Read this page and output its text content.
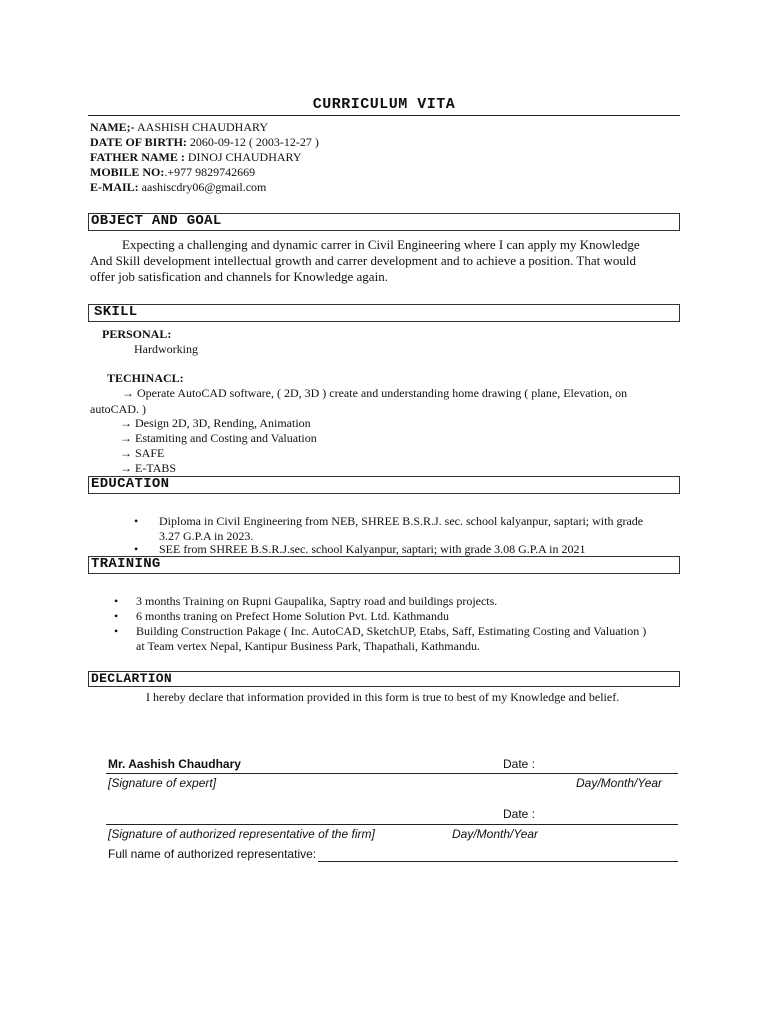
CURRICULUM VITA
NAME;- AASHISH CHAUDHARY
DATE OF BIRTH: 2060-09-12 ( 2003-12-27 )
FATHER NAME : DINOJ CHAUDHARY
MOBILE NO:.+977 9829742669
E-MAIL: aashiscdry06@gmail.com
OBJECT AND GOAL
Expecting a challenging and dynamic carrer in Civil Engineering where I can apply my Knowledge
And Skill development intellectual growth and carrer development and to achieve a position. That would
offer job satisfication and channels for Knowledge again.
SKILL
PERSONAL:
Hardworking
TECHINACL:
→ Operate AutoCAD software, ( 2D, 3D ) create and understanding home drawing ( plane, Elevation, on
autoCAD. )
→ Design 2D, 3D, Rending, Animation
→ Estamiting and Costing and Valuation
→ SAFE
→ E-TABS
EDUCATION
• Diploma in Civil Engineering from NEB, SHREE B.S.R.J. sec. school kalyanpur, saptari; with grade
3.27 G.P.A in 2023.
• SEE from SHREE B.S.R.J.sec. school Kalyanpur, saptari; with grade 3.08 G.P.A in 2021
TRAINING
• 3 months Training on Rupni Gaupalika, Saptry road and buildings projects.
• 6 months traning on Prefect Home Solution Pvt. Ltd. Kathmandu
• Building Construction Pakage ( Inc. AutoCAD, SketchUP, Etabs, Saff, Estimating Costing and Valuation )
at Team vertex Nepal, Kantipur Business Park, Thapathali, Kathmandu.
DECLARTION
I hereby declare that information provided in this form is true to best of my Knowledge and belief.
Mr. Aashish Chaudhary	Date :
[Signature of expert]	Day/Month/Year
Date :
[Signature of authorized representative of the firm]	Day/Month/Year
Full name of authorized representative:
